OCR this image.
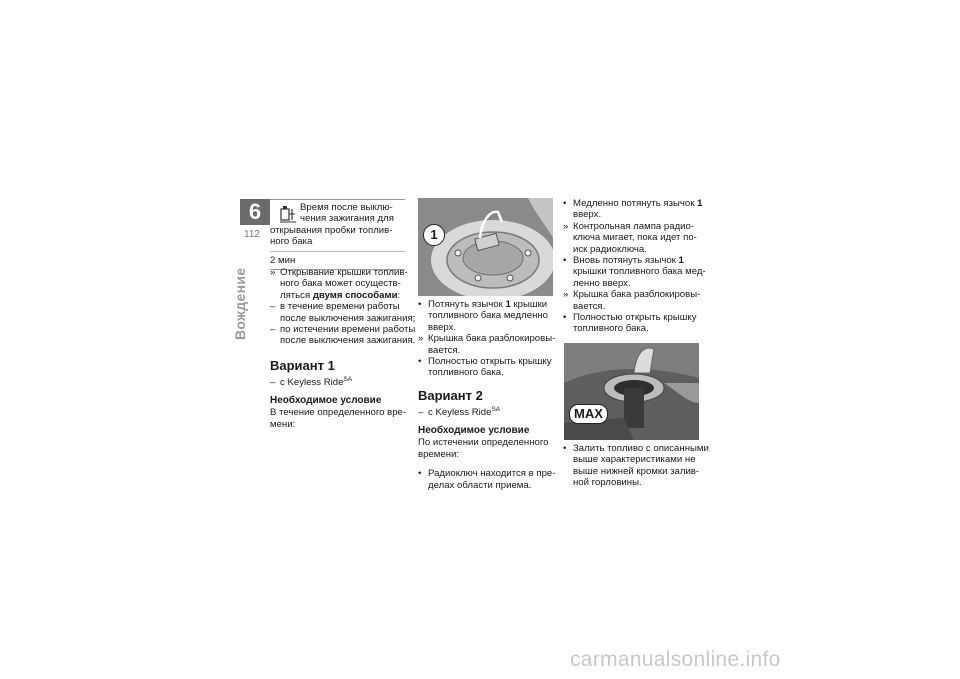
6
112
Вождение
Время после выклю-
чения зажигания для
открывания пробки топлив-
ного бака
2 мин
» Открывание крышки топлив-
ного бака может осуществ-
ляться двумя способами:
– в течение времени работы
после выключения зажигания;
– по истечении времени работы
после выключения зажигания.
Вариант 1
– с Keyless Ride$^{SA}$
Необходимое условие
В течение определенного вре-
мени:
1
• Потянуть язычок 1 крышки
топливного бака медленно
вверх.
» Крышка бака разблокировы-
вается.
• Полностью открыть крышку
топливного бака.
Вариант 2
– с Keyless Ride$^{SA}$
Необходимое условие
По истечении определенного
времени:
• Радиоключ находится в пре-
делах области приема.
• Медленно потянуть язычок 1
вверх.
» Контрольная лампа радио-
ключа мигает, пока идет по-
иск радиоключа.
• Вновь потянуть язычок 1
крышки топливного бака мед-
ленно вверх.
» Крышка бака разблокировы-
вается.
• Полностью открыть крышку
топливного бака.
MAX
• Залить топливо с описанными
выше характеристиками не
выше нижней кромки залив-
ной горловины.
carmanualsonline.info
